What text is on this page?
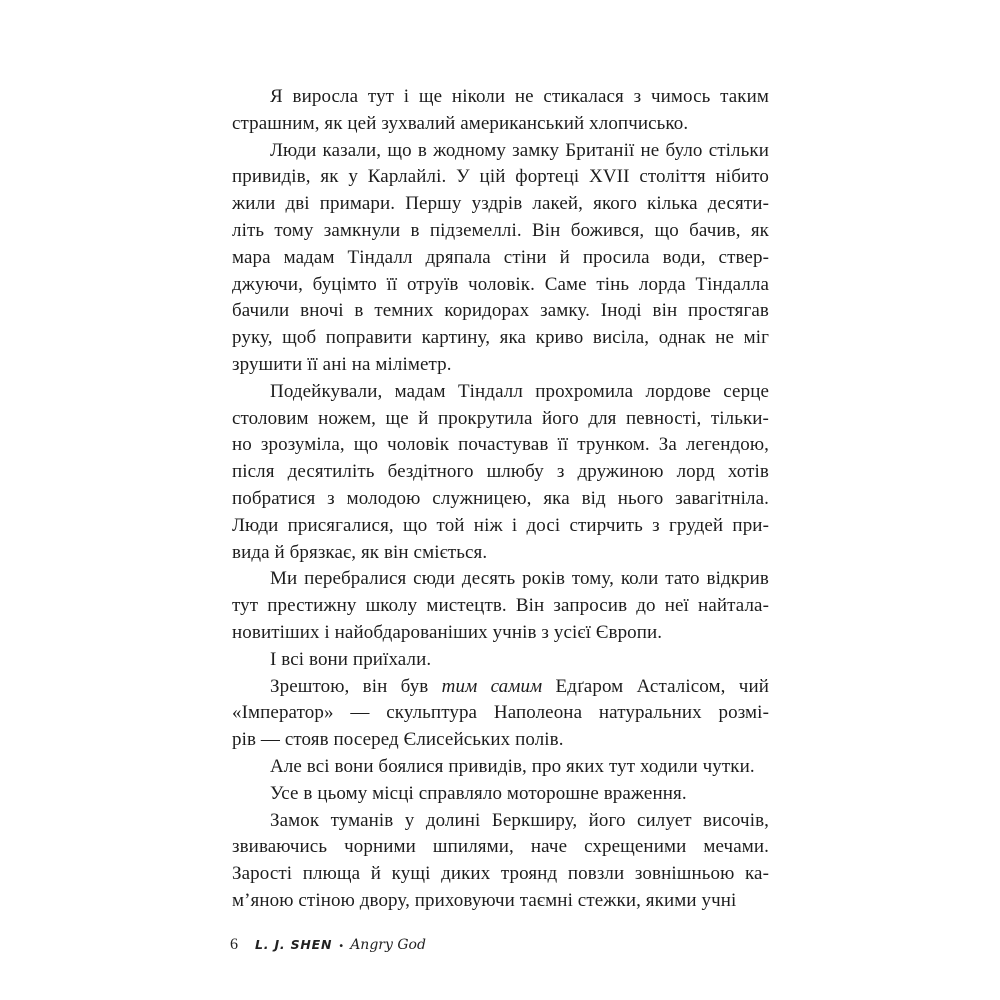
Я виросла тут і ще ніколи не стикалася з чимось таким
страшним, як цей зухвалий американський хлопчисько.
Люди казали, що в жодному замку Британії не було стільки
привидів, як у Карлайлі. У цій фортеці XVII століття нібито
жили дві примари. Першу уздрів лакей, якого кілька десяти-
літь тому замкнули в підземеллі. Він божився, що бачив, як
мара мадам Тіндалл дряпала стіни й просила води, ствер-
джуючи, буцімто її отруїв чоловік. Саме тінь лорда Тіндалла
бачили вночі в темних коридорах замку. Іноді він простягав
руку, щоб поправити картину, яка криво висіла, однак не міг
зрушити її ані на міліметр.
Подейкували, мадам Тіндалл прохромила лордове серце
столовим ножем, ще й прокрутила його для певності, тільки-
но зрозуміла, що чоловік почастував її трунком. За легендою,
після десятиліть бездітного шлюбу з дружиною лорд хотів
побратися з молодою служницею, яка від нього завагітніла.
Люди присягалися, що той ніж і досі стирчить з грудей при-
вида й брязкає, як він сміється.
Ми перебралися сюди десять років тому, коли тато відкрив
тут престижну школу мистецтв. Він запросив до неї найтала-
новитіших і найобдарованіших учнів з усієї Європи.
І всі вони приїхали.
Зрештою, він був тим самим Едґаром Асталісом, чий
«Імператор» — скульптура Наполеона натуральних розмі-
рів — стояв посеред Єлисейських полів.
Але всі вони боялися привидів, про яких тут ходили чутки.
Усе в цьому місці справляло моторошне враження.
Замок туманів у долині Беркширу, його силует височів,
звиваючись чорними шпилями, наче схрещеними мечами.
Зарості плюща й кущі диких троянд повзли зовнішньою ка-
м’яною стіною двору, приховуючи таємні стежки, якими учні
6 L. J. SHEN • Angry God
